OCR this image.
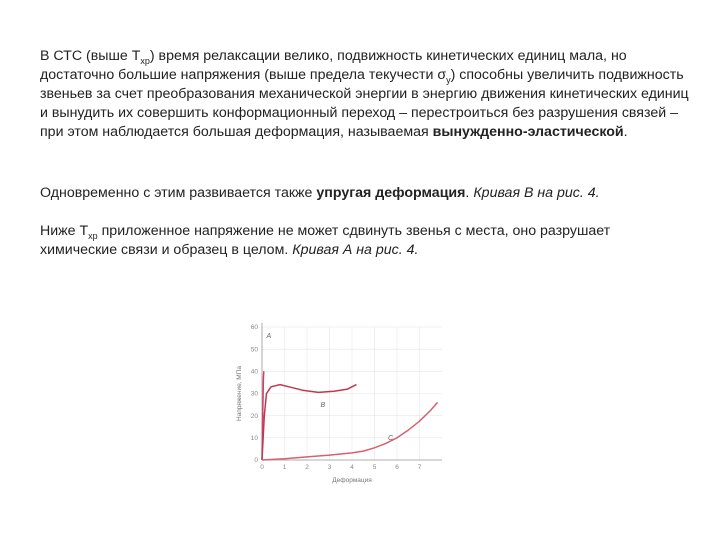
В СТС (выше $Т_{хр}$) время релаксации велико, подвижность кинетических единиц мала, но достаточно большие напряжения (выше предела текучести $\sigma_у$) способны увеличить подвижность звеньев за счет преобразования механической энергии в энергию движения кинетических единиц и вынудить их совершить конформационный переход – перестроиться без разрушения связей – при этом наблюдается большая деформация, называемая вынужденно-эластической.
Одновременно с этим развивается также упругая деформация. Кривая В на рис. 4.
Ниже $Т_{хр}$ приложенное напряжение не может сдвинуть звенья с места, оно разрушает химические связи и образец в целом. Кривая А на рис. 4.
0
10
20
30
40
50
60
0	1	2	3	4	5	6	7
A
B
C
Деформация
Напряжение, МПа
